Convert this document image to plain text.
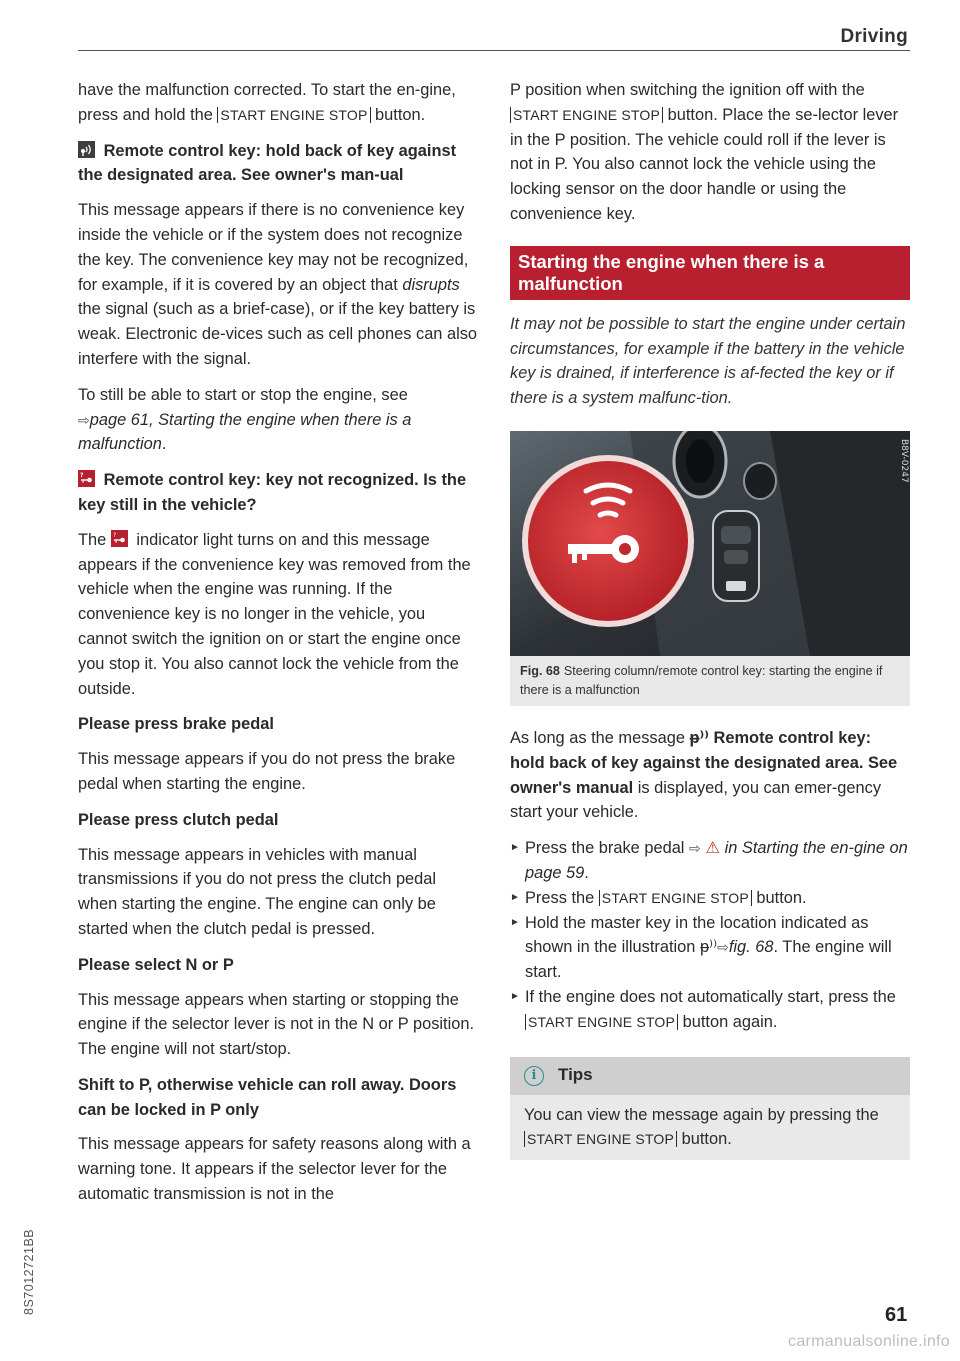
Driving

have the malfunction corrected. To start the en-gine, press and hold the START ENGINE STOP button.

Remote control key: hold back of key against the designated area. See owner's man-ual

This message appears if there is no convenience key inside the vehicle or if the system does not recognize the key. The convenience key may not be recognized, for example, if it is covered by an object that disrupts the signal (such as a brief-case), or if the key battery is weak. Electronic de-vices such as cell phones can also interfere with the signal.

To still be able to start or stop the engine, see
⇨page 61, Starting the engine when there is a malfunction.

? Remote control key: key not recognized. Is the key still in the vehicle?

The ? indicator light turns on and this message appears if the convenience key was removed from the vehicle when the engine was running. If the convenience key is no longer in the vehicle, you cannot switch the ignition on or start the engine once you stop it. You also cannot lock the vehicle from the outside.

Please press brake pedal

This message appears if you do not press the brake pedal when starting the engine.

Please press clutch pedal

This message appears in vehicles with manual transmissions if you do not press the clutch pedal when starting the engine. The engine can only be started when the clutch pedal is pressed.

Please select N or P

This message appears when starting or stopping the engine if the selector lever is not in the N or P position. The engine will not start/stop.

Shift to P, otherwise vehicle can roll away. Doors can be locked in P only

This message appears for safety reasons along with a warning tone. It appears if the selector lever for the automatic transmission is not in the

P position when switching the ignition off with the START ENGINE STOP button. Place the se-lector lever in the P position. The vehicle could roll if the lever is not in P. You also cannot lock the vehicle using the locking sensor on the door handle or using the convenience key.

Starting the engine when there is a malfunction

It may not be possible to start the engine under certain circumstances, for example if the battery in the vehicle key is drained, if interference is af-fected the key or if there is a system malfunc-tion.

B8V-0247
Fig. 68 Steering column/remote control key: starting the engine if there is a malfunction

As long as the message ᵽ⁾⁾ Remote control key: hold back of key against the designated area. See owner's manual is displayed, you can emer-gency start your vehicle.

► Press the brake pedal ⇨ ⚠ in Starting the en-gine on page 59.
► Press the START ENGINE STOP button.
► Hold the master key in the location indicated as shown in the illustration ᵽ⁾⁾⇨fig. 68. The engine will start.
► If the engine does not automatically start, press the START ENGINE STOP button again.
i	Tips
You can view the message again by pressing the START ENGINE STOP button.
8S7012721BB	61
carmanualsonline.info
